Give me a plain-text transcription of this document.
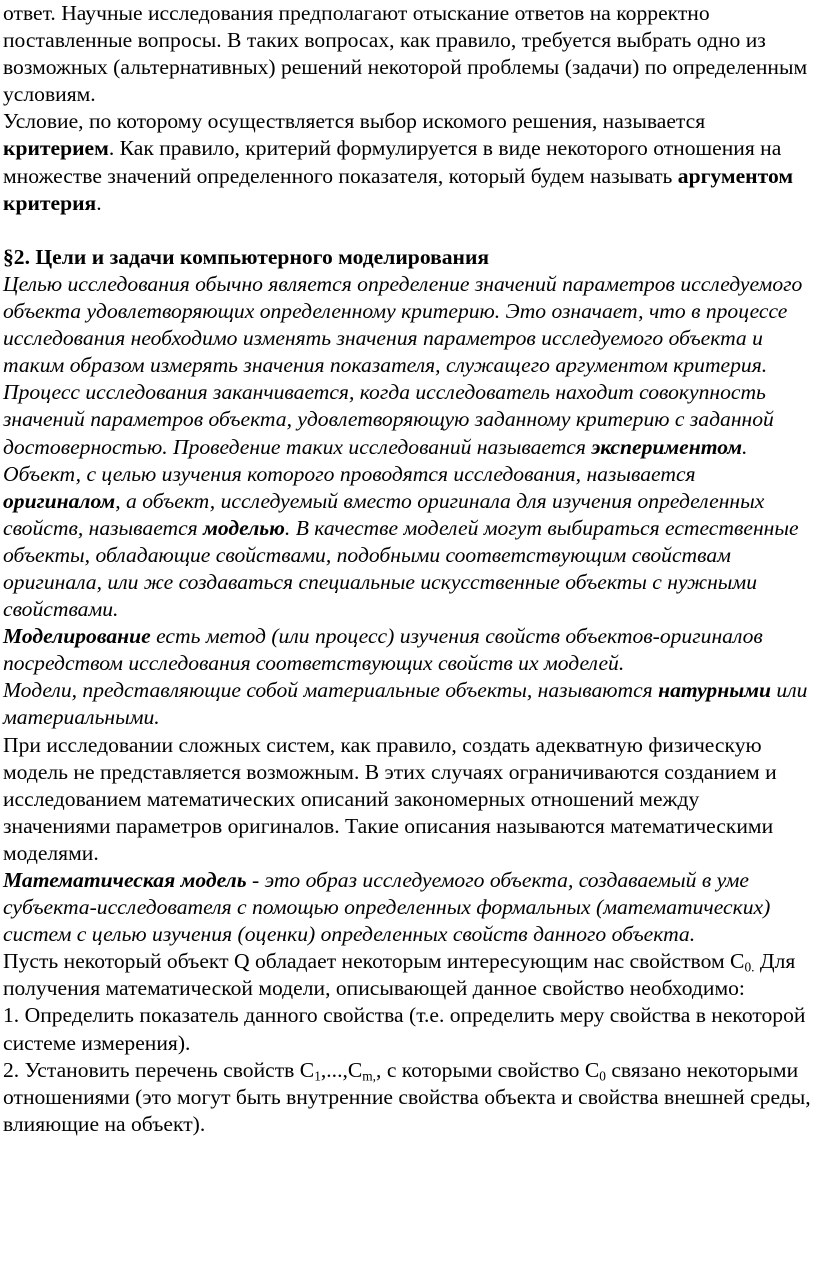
ответ. Научные исследования предполагают отыскание ответов на корректно поставленные вопросы. В таких вопросах, как правило, требуется выбрать одно из возможных (альтернативных) решений некоторой проблемы (задачи) по определенным условиям.

Условие, по которому осуществляется выбор искомого решения, называется критерием. Как правило, критерий формулируется в виде некоторого отношения на множестве значений определенного показателя, который будем называть аргументом критерия.

§2. Цели и задачи компьютерного моделирования

Целью исследования обычно является определение значений параметров исследуемого объекта удовлетворяющих определенному критерию. Это означает, что в процессе исследования необходимо изменять значения параметров исследуемого объекта и таким образом измерять значения показателя, служащего аргументом критерия.

Процесс исследования заканчивается, когда исследователь находит совокупность значений параметров объекта, удовлетворяющую заданному критерию с заданной достоверностью. Проведение таких исследований называется экспериментом.

Объект, с целью изучения которого проводятся исследования, называется оригиналом, а объект, исследуемый вместо оригинала для изучения определенных свойств, называется моделью. В качестве моделей могут выбираться естественные объекты, обладающие свойствами, подобными соответствующим свойствам оригинала, или же создаваться специальные искусственные объекты с нужными свойствами.

Моделирование есть метод (или процесс) изучения свойств объектов-оригиналов посредством исследования соответствующих свойств их моделей.

Модели, представляющие собой материальные объекты, называются натурными или материальными.

При исследовании сложных систем, как правило, создать адекватную физическую модель не представляется возможным. В этих случаях ограничиваются созданием и исследованием математических описаний закономерных отношений между значениями параметров оригиналов. Такие описания называются математическими моделями.

Математическая модель - это образ исследуемого объекта, создаваемый в уме субъекта-исследователя с помощью определенных формальных (математических) систем с целью изучения (оценки) определенных свойств данного объекта.

Пусть некоторый объект Q обладает некоторым интересующим нас свойством $C_{0.}$ Для получения математической модели, описывающей данное свойство необходимо:

1. Определить показатель данного свойства (т.е. определить меру свойства в некоторой системе измерения).

2. Установить перечень свойств $C_1,...,C_{m,}$, с которыми свойство $C_0$ связано некоторыми отношениями (это могут быть внутренние свойства объекта и свойства внешней среды, влияющие на объект).
